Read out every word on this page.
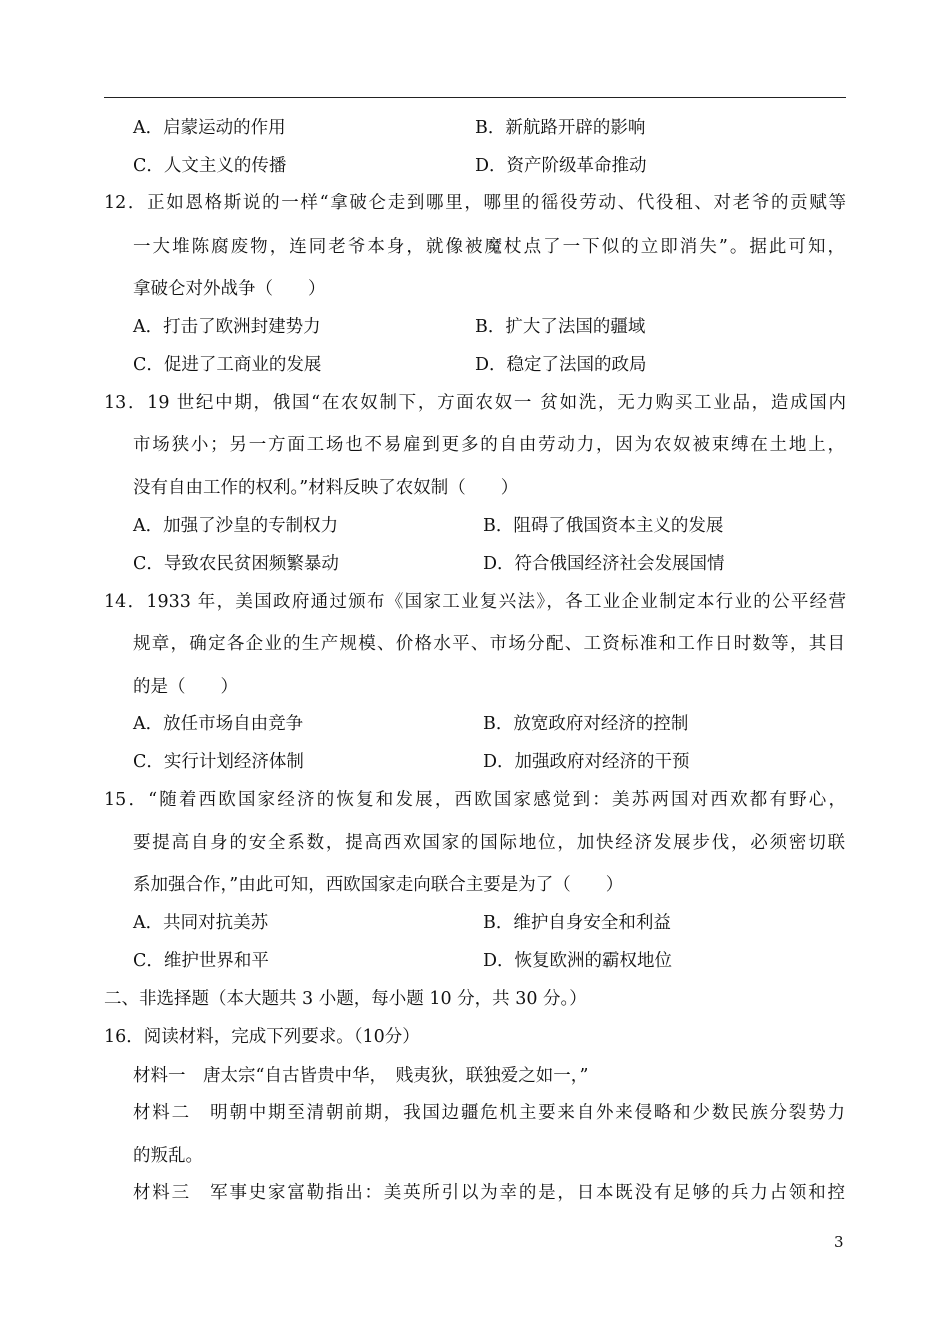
A．启蒙运动的作用	B．新航路开辟的影响
C．人文主义的传播	D．资产阶级革命推动
12．正如恩格斯说的一样“拿破仑走到哪里，哪里的徭役劳动、代役租、对老爷的贡赋等
一大堆陈腐废物，连同老爷本身，就像被魔杖点了一下似的立即消失”。据此可知，
拿破仑对外战争（　　）
A．打击了欧洲封建势力	B．扩大了法国的疆域
C．促进了工商业的发展	D．稳定了法国的政局
13．19 世纪中期，俄国“在农奴制下，方面农奴一 贫如洗，无力购买工业品，造成国内
市场狭小；另一方面工场也不易雇到更多的自由劳动力，因为农奴被束缚在土地上，
没有自由工作的权利。”材料反映了农奴制（　　）
A．加强了沙皇的专制权力	B．阻碍了俄国资本主义的发展
C．导致农民贫困频繁暴动	D．符合俄国经济社会发展国情
14．1933 年，美国政府通过颁布《国家工业复兴法》，各工业企业制定本行业的公平经营
规章，确定各企业的生产规模、价格水平、市场分配、工资标准和工作日时数等，其目
的是（　　）
A．放任市场自由竞争	B．放宽政府对经济的控制
C．实行计划经济体制	D．加强政府对经济的干预
15．“随着西欧国家经济的恢复和发展，西欧国家感觉到：美苏两国对西欢都有野心，
要提高自身的安全系数，提高西欢国家的国际地位，加快经济发展步伐，必须密切联
系加强合作，”由此可知，西欧国家走向联合主要是为了（　　）
A．共同对抗美苏	B．维护自身安全和利益
C．维护世界和平	D．恢复欧洲的霸权地位
二、非选择题（本大题共 3 小题，每小题 10 分，共 30 分。）
16．阅读材料，完成下列要求。（10分）
材料一　唐太宗“自古皆贵中华，　贱夷狄，联独爱之如一，”
材料二　明朝中期至清朝前期，我国边疆危机主要来自外来侵略和少数民族分裂势力
的叛乱。
材料三　军事史家富勒指出：美英所引以为幸的是，日本既没有足够的兵力占领和控
3
